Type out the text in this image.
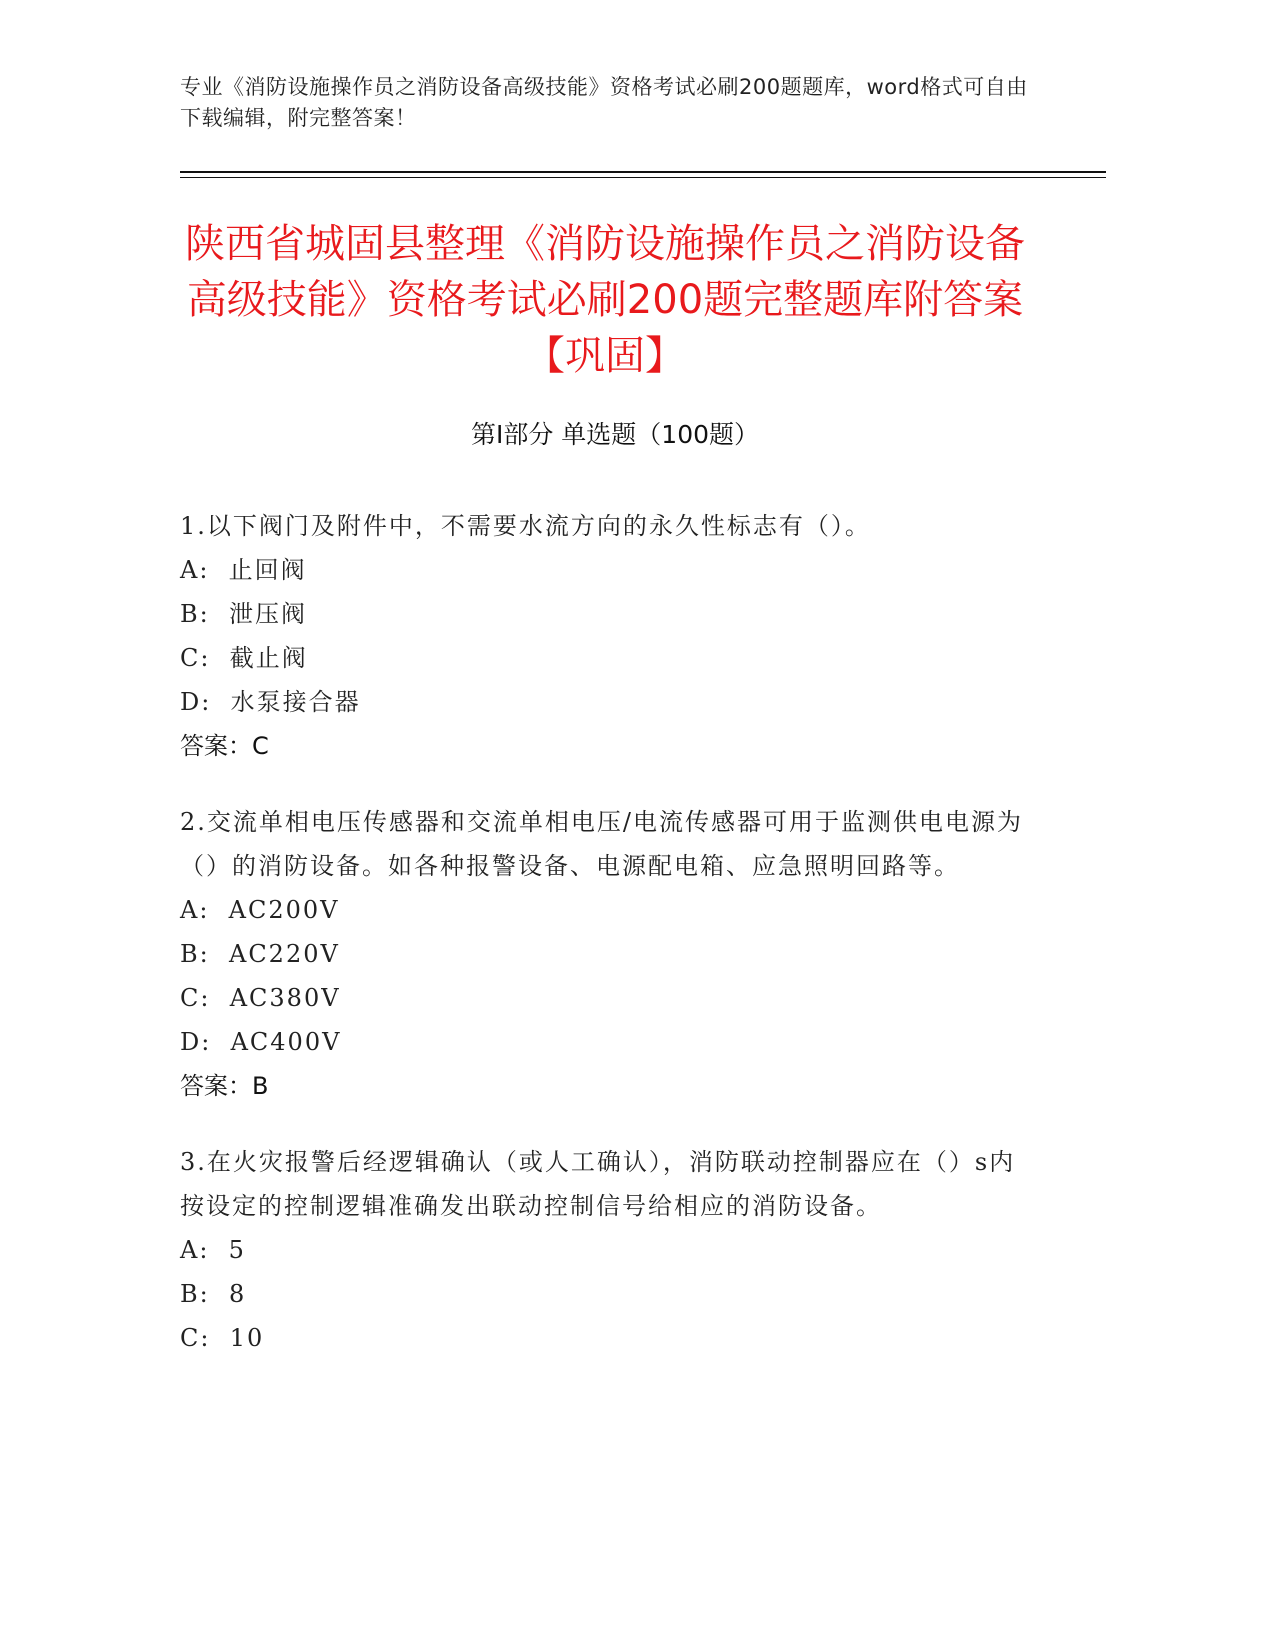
专业《消防设施操作员之消防设备高级技能》资格考试必刷200题题库，word格式可自由下载编辑，附完整答案！
陕西省城固县整理《消防设施操作员之消防设备高级技能》资格考试必刷200题完整题库附答案【巩固】
第I部分 单选题（100题）

1.以下阀门及附件中，不需要水流方向的永久性标志有（）。

A:  止回阀

B:  泄压阀

C:  截止阀

D:  水泵接合器

答案：C

2.交流单相电压传感器和交流单相电压/电流传感器可用于监测供电电源为（）的消防设备。如各种报警设备、电源配电箱、应急照明回路等。

A:  AC200V

B:  AC220V

C:  AC380V

D:  AC400V

答案：B

3.在火灾报警后经逻辑确认（或人工确认），消防联动控制器应在（）s内按设定的控制逻辑准确发出联动控制信号给相应的消防设备。

A:  5

B:  8

C:  10
